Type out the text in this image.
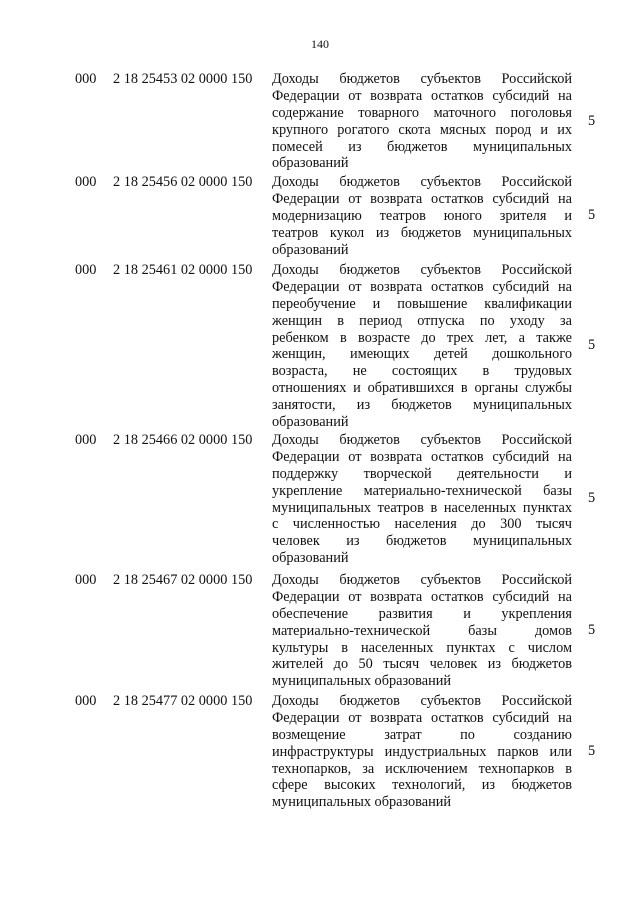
140
000	2 18 25453 02 0000 150	Доходы бюджетов субъектов Российской
Федерации от возврата остатков субсидий на
содержание товарного маточного поголовья
крупного рогатого скота мясных пород и их
помесей из бюджетов муниципальных
образований
5
000	2 18 25456 02 0000 150	Доходы бюджетов субъектов Российской
Федерации от возврата остатков субсидий на
модернизацию театров юного зрителя и
театров кукол из бюджетов муниципальных
образований
5
000	2 18 25461 02 0000 150	Доходы бюджетов субъектов Российской
Федерации от возврата остатков субсидий на
переобучение и повышение квалификации
женщин в период отпуска по уходу за
ребенком в возрасте до трех лет, а также
женщин, имеющих детей дошкольного
возраста, не состоящих в трудовых
отношениях и обратившихся в органы службы
занятости, из бюджетов муниципальных
образований
5
000	2 18 25466 02 0000 150	Доходы бюджетов субъектов Российской
Федерации от возврата остатков субсидий на
поддержку творческой деятельности и
укрепление материально-технической базы
муниципальных театров в населенных пунктах
с численностью населения до 300 тысяч
человек из бюджетов муниципальных
образований
5
000	2 18 25467 02 0000 150	Доходы бюджетов субъектов Российской
Федерации от возврата остатков субсидий на
обеспечение развития и укрепления
материально-технической базы домов
культуры в населенных пунктах с числом
жителей до 50 тысяч человек из бюджетов
муниципальных образований
5
000	2 18 25477 02 0000 150	Доходы бюджетов субъектов Российской
Федерации от возврата остатков субсидий на
возмещение затрат по созданию
инфраструктуры индустриальных парков или
технопарков, за исключением технопарков в
сфере высоких технологий, из бюджетов
муниципальных образований
5
